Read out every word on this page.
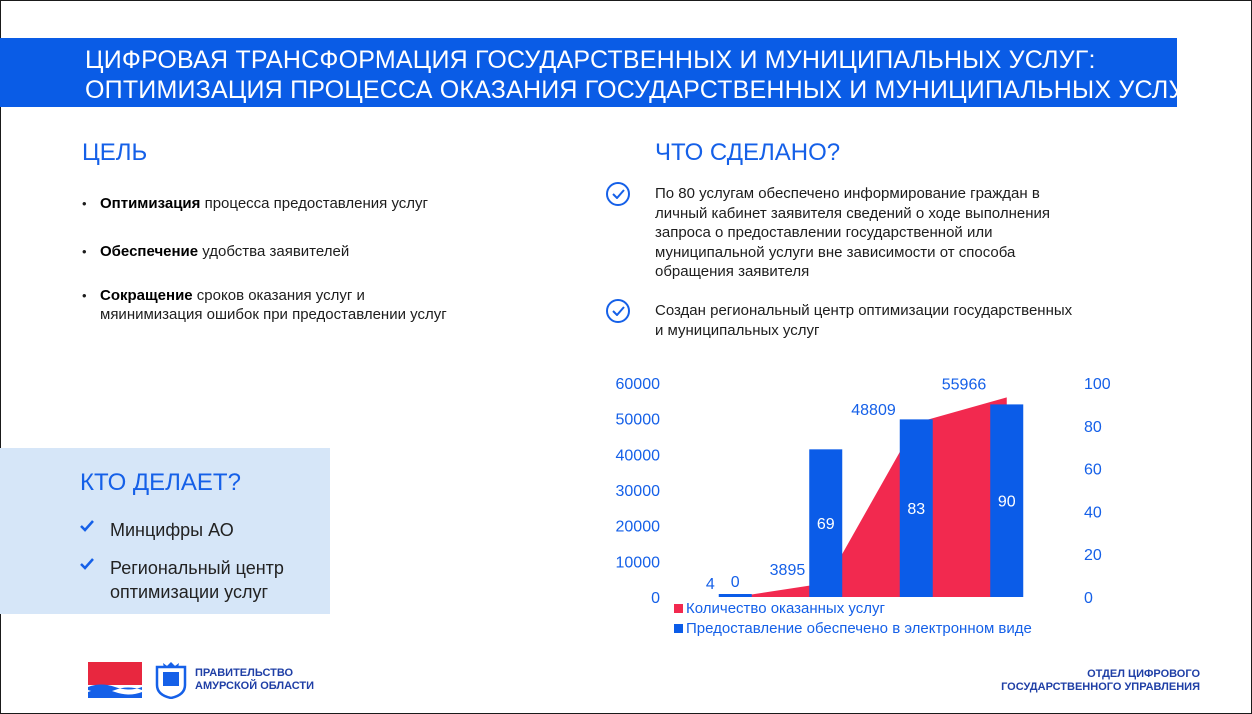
ЦИФРОВАЯ ТРАНСФОРМАЦИЯ ГОСУДАРСТВЕННЫХ И МУНИЦИПАЛЬНЫХ УСЛУГ:
ОПТИМИЗАЦИЯ ПРОЦЕССА ОКАЗАНИЯ ГОСУДАРСТВЕННЫХ И МУНИЦИПАЛЬНЫХ УСЛУГ
ЦЕЛЬ
• Оптимизация процесса предоставления услуг
• Обеспечение удобства заявителей
• Сокращение сроков оказания услуг и мяинимизация ошибок при предоставлении услуг
ЧТО СДЕЛАНО?
По 80 услугам обеспечено информирование граждан в личный кабинет заявителя сведений о ходе выполнения запроса о предоставлении государственной или муниципальной услуги вне зависимости от способа обращения заявителя
Создан региональный центр оптимизации государственных и муниципальных услуг
КТО ДЕЛАЕТ?
Минцифры АО
Региональный центр оптимизации услуг	0
10000
20000
30000
40000
50000
60000
0
20
40
60
80
100
0
69
83	90
4
3895
48809
55966
Количество оказанных услуг
Предоставление обеспечено в электронном виде
ПРАВИТЕЛЬСТВО
АМУРСКОЙ ОБЛАСТИ
ОТДЕЛ ЦИФРОВОГО
ГОСУДАРСТВЕННОГО УПРАВЛЕНИЯ
